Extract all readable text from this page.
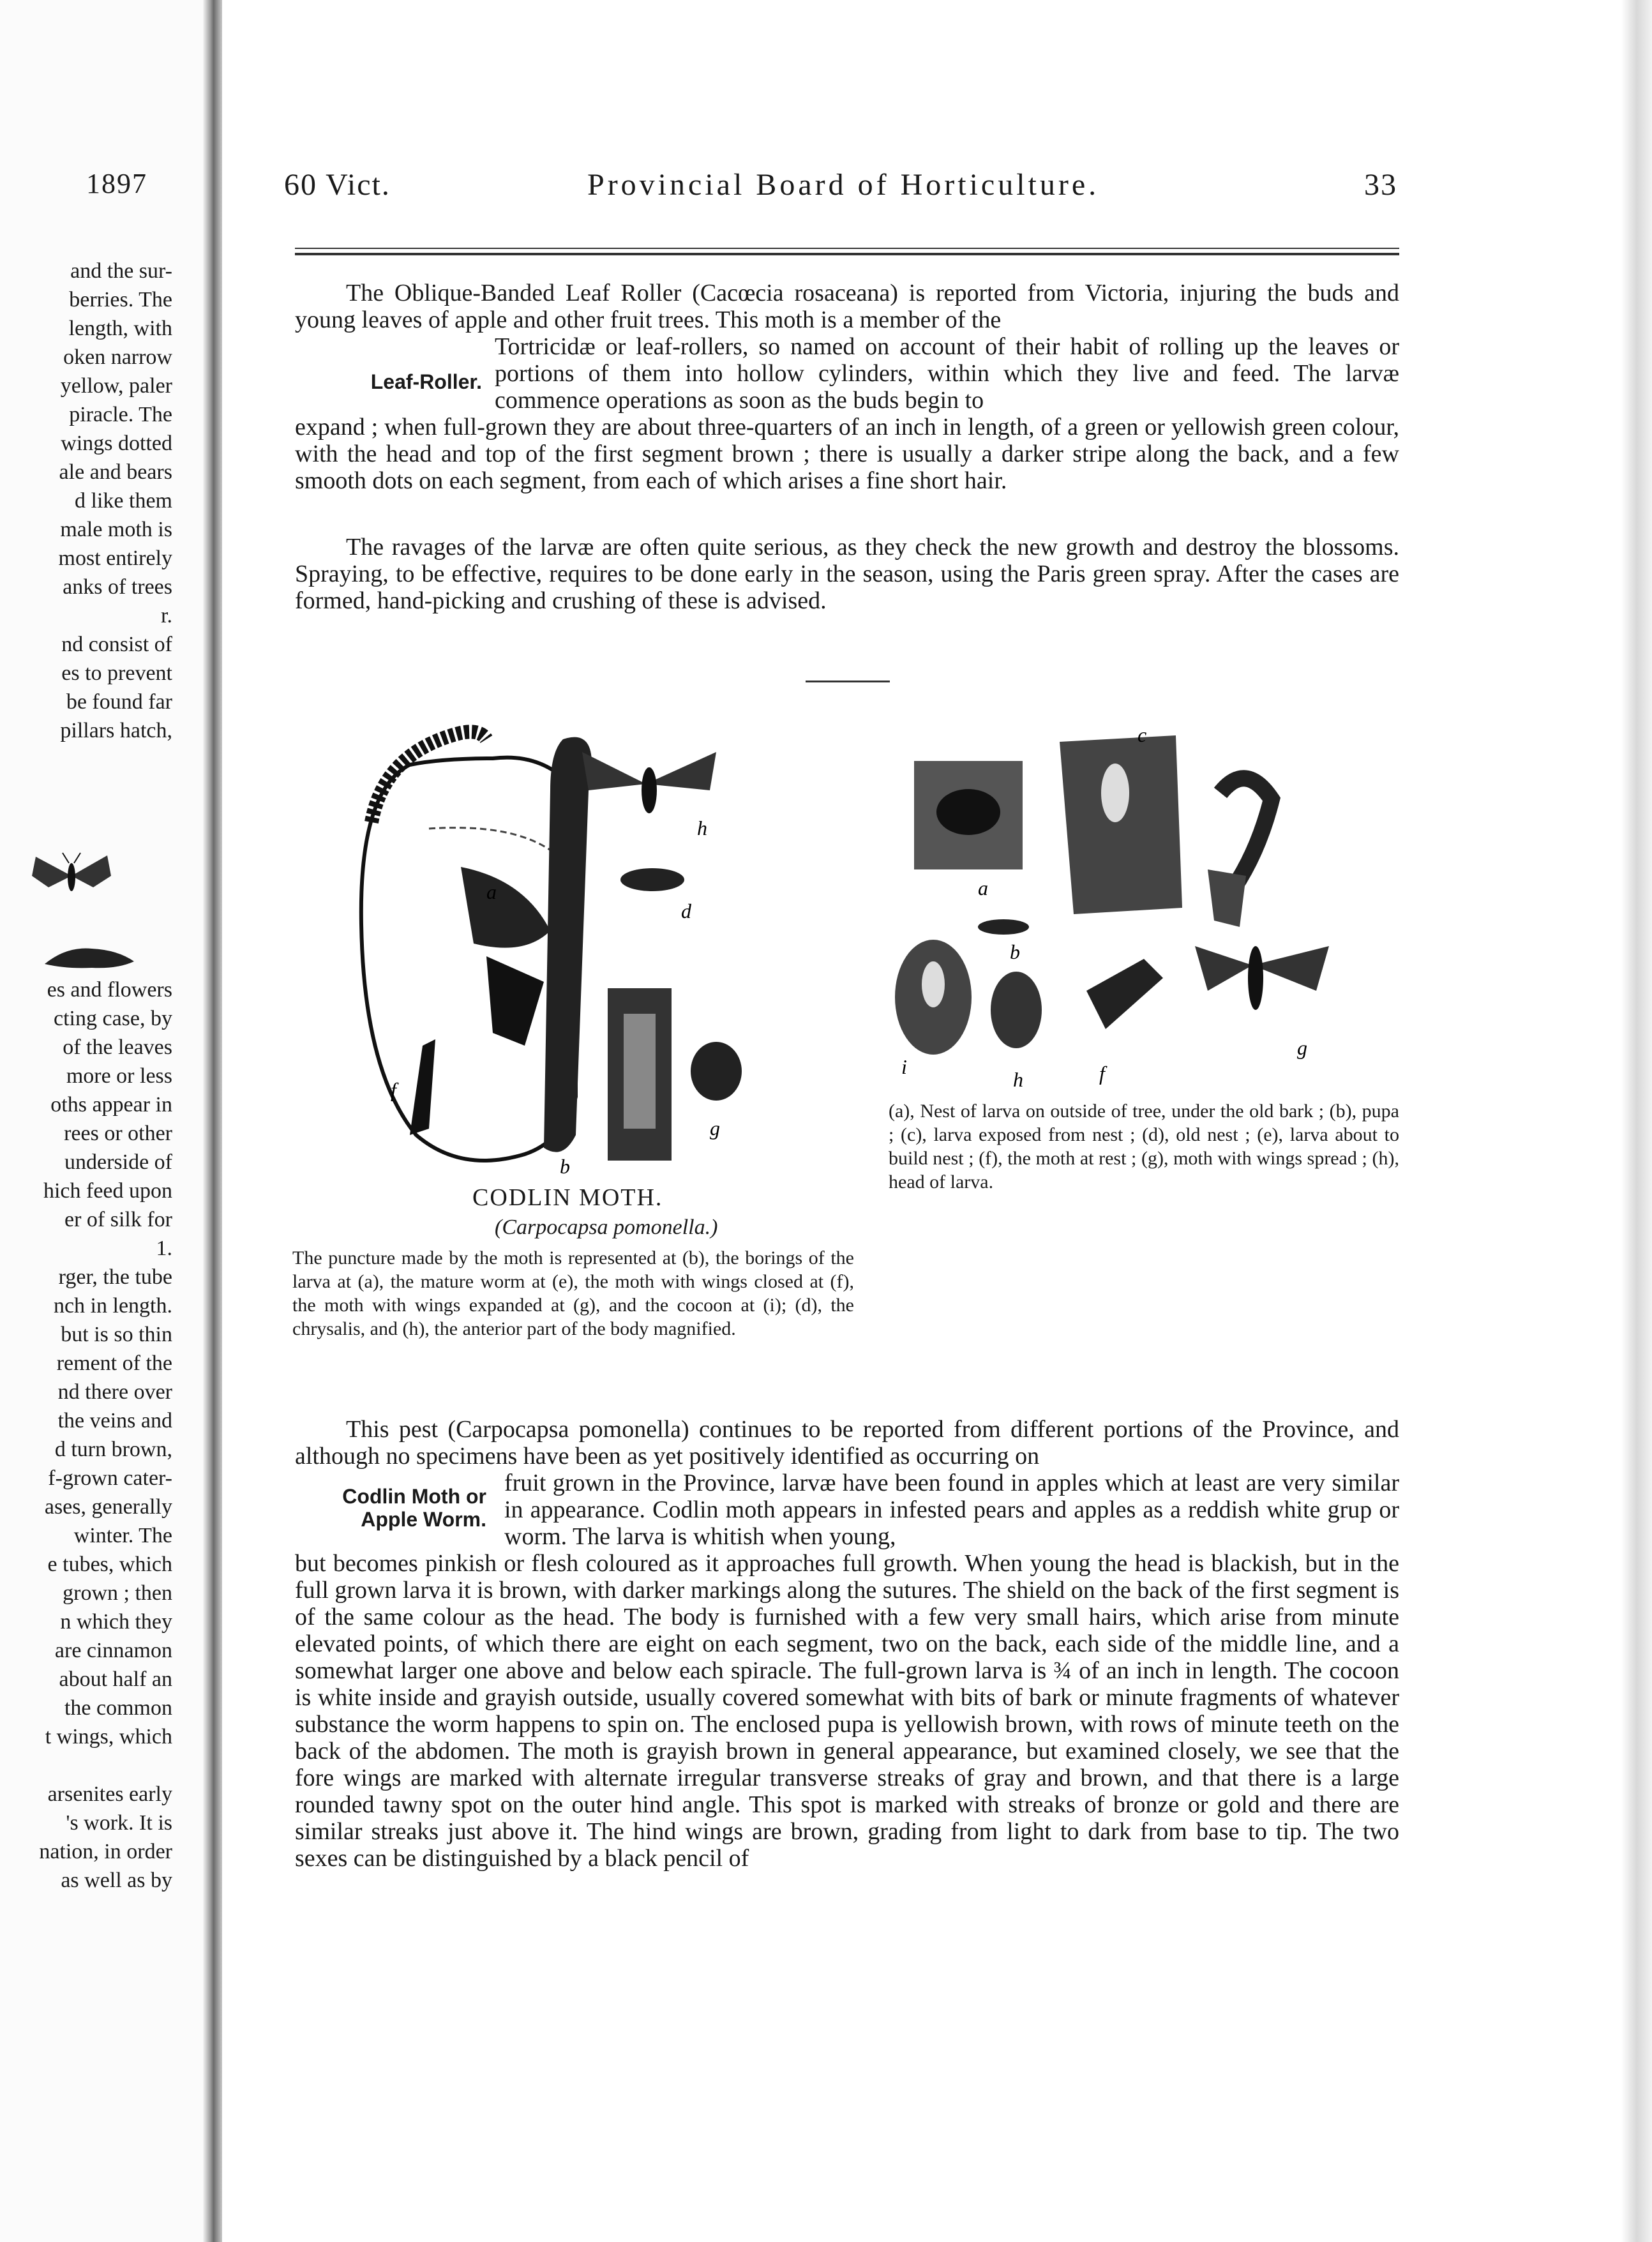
1897
and the sur-
berries. The
length, with
oken narrow
yellow, paler
piracle. The
wings dotted
ale and bears
d like them
male moth is
most entirely
anks of trees
r.
nd consist of
es to prevent
be found far
pillars hatch,
es and flowers
cting case, by
of the leaves
more or less
oths appear in
rees or other
underside of
hich feed upon
er of silk for
1.
rger, the tube
nch in length.
but is so thin
rement of the
nd there over
the veins and
d turn brown,
f-grown cater-
ases, generally
winter. The
e tubes, which
grown ; then
n which they
are cinnamon
about half an
the common
t wings, which
arsenites early
's work. It is
nation, in order
as well as by
60 Vict.	Provincial Board of Horticulture.	33

The Oblique-Banded Leaf Roller (Cacœcia rosaceana) is reported from Victoria, injuring the buds and young leaves of apple and other fruit trees. This moth is a member of the

Leaf-Roller.

Tortricidæ or leaf-rollers, so named on account of their habit of rolling up the leaves or portions of them into hollow cylinders, within which they live and feed. The larvæ commence operations as soon as the buds begin to

expand ; when full-grown they are about three-quarters of an inch in length, of a green or yellowish green colour, with the head and top of the first segment brown ; there is usually a darker stripe along the back, and a few smooth dots on each segment, from each of which arises a fine short hair.

The ravages of the larvæ are often quite serious, as they check the new growth and destroy the blossoms. Spraying, to be effective, requires to be done early in the season, using the Paris green spray. After the cases are formed, hand-picking and crushing of these is advised.

h
d
g
f
a
b
CODLIN MOTH.
(Carpocapsa pomonella.)
The puncture made by the moth is represented at (b), the borings of the larva at (a), the mature worm at (e), the moth with wings closed at (f), the moth with wings expanded at (g), and the cocoon at (i); (d), the chrysalis, and (h), the anterior part of the body magnified.
a
b
c
i
h	f
g
(a), Nest of larva on outside of tree, under the old bark ; (b), pupa ; (c), larva exposed from nest ; (d), old nest ; (e), larva about to build nest ; (f), the moth at rest ; (g), moth with wings spread ; (h), head of larva.

This pest (Carpocapsa pomonella) continues to be reported from different portions of the Province, and although no specimens have been as yet positively identified as occurring on

Codlin Moth or
Apple Worm.

fruit grown in the Province, larvæ have been found in apples which at least are very similar in appearance. Codlin moth appears in infested pears and apples as a reddish white grup or worm. The larva is whitish when young,

but becomes pinkish or flesh coloured as it approaches full growth. When young the head is blackish, but in the full grown larva it is brown, with darker markings along the sutures. The shield on the back of the first segment is of the same colour as the head. The body is furnished with a few very small hairs, which arise from minute elevated points, of which there are eight on each segment, two on the back, each side of the middle line, and a somewhat larger one above and below each spiracle. The full-grown larva is ¾ of an inch in length. The cocoon is white inside and grayish outside, usually covered somewhat with bits of bark or minute fragments of whatever substance the worm happens to spin on. The enclosed pupa is yellowish brown, with rows of minute teeth on the back of the abdomen. The moth is grayish brown in general appearance, but examined closely, we see that the fore wings are marked with alternate irregular transverse streaks of gray and brown, and that there is a large rounded tawny spot on the outer hind angle. This spot is marked with streaks of bronze or gold and there are similar streaks just above it. The hind wings are brown, grading from light to dark from base to tip. The two sexes can be distinguished by a black pencil of
